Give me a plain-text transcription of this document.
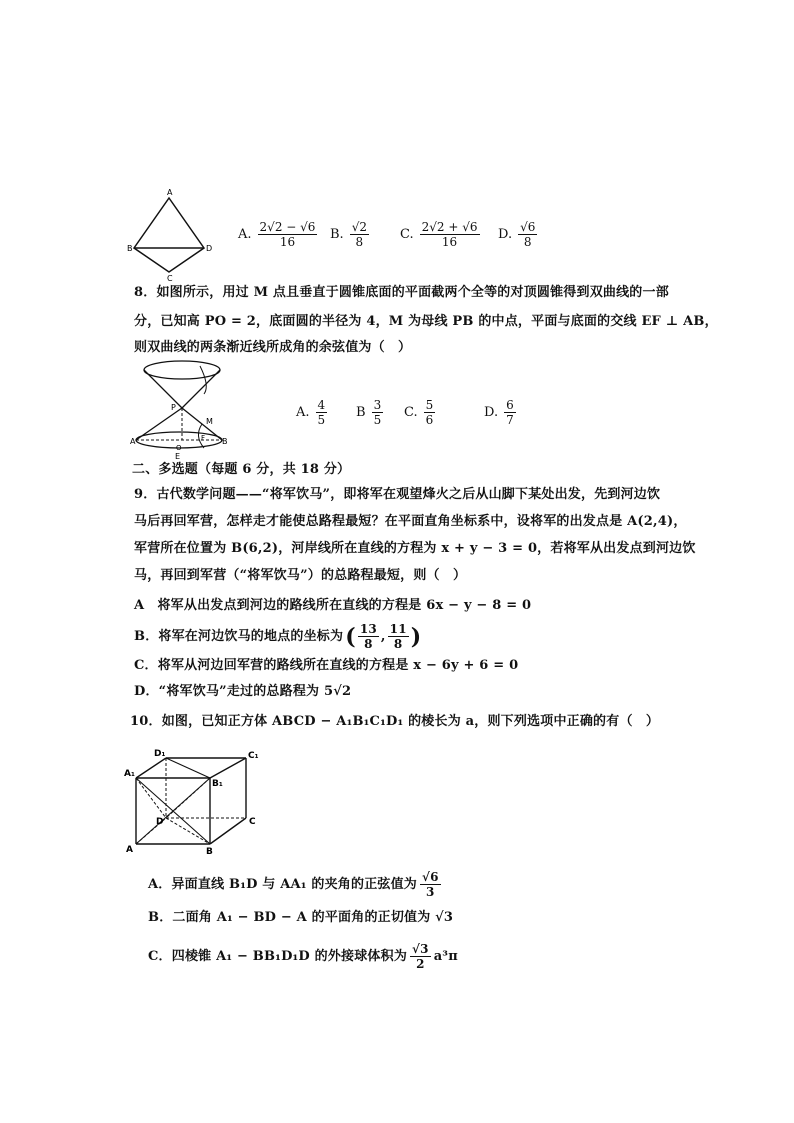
A
B
C
D
A. $\frac{2√2 - √6}{16} B$. $\frac{√2}{8} C$. $\frac{2√2 + √6}{16} D$. $\frac{√6}{8}$
8．如图所示，用过 M 点且垂直于圆锥底面的平面截两个全等的对顶圆锥得到双曲线的一部
分，已知高 PO = 2，底面圆的半径为 4，M 为母线 PB 的中点，平面与底面的交线 EF ⊥ AB，
则双曲线的两条渐近线所成角的余弦值为（　）
P
M
A	B
O
F
E
A. $\frac{4}{5}$ B $\frac{3}{5} C$. $\frac{5}{6}$	D. $\frac{6}{7}$
二、多选题（每题 6 分，共 18 分）
9．古代数学问题——“将军饮马”，即将军在观望烽火之后从山脚下某处出发，先到河边饮
马后再回军营，怎样走才能使总路程最短？在平面直角坐标系中，设将军的出发点是 A(2,4)，
军营所在位置为 B(6,2)，河岸线所在直线的方程为 x + y − 3 = 0，若将军从出发点到河边饮
马，再回到军营（“将军饮马”）的总路程最短，则（　）
A　将军从出发点到河边的路线所在直线的方程是 6x − y − 8 = 0
B．将军在河边饮马的地点的坐标为 ( $\frac{13}{8}$ , $\frac{11}{8}$ )
C．将军从河边回军营的路线所在直线的方程是 x − 6y + 6 = 0
D．“将军饮马”走过的总路程为 5√2
10．如图，已知正方体 ABCD − A₁B₁C₁D₁ 的棱长为 a，则下列选项中正确的有（　）
D₁	C₁
A₁
B₁
D	C
A	B
A．异面直线 B₁D 与 AA₁ 的夹角的正弦值为 $\frac{√6}{3}$
B．二面角 A₁ − BD − A 的平面角的正切值为 √3
C．四棱锥 A₁ − BB₁D₁D 的外接球体积为 $\frac{√3}{2} a^3\pi$
